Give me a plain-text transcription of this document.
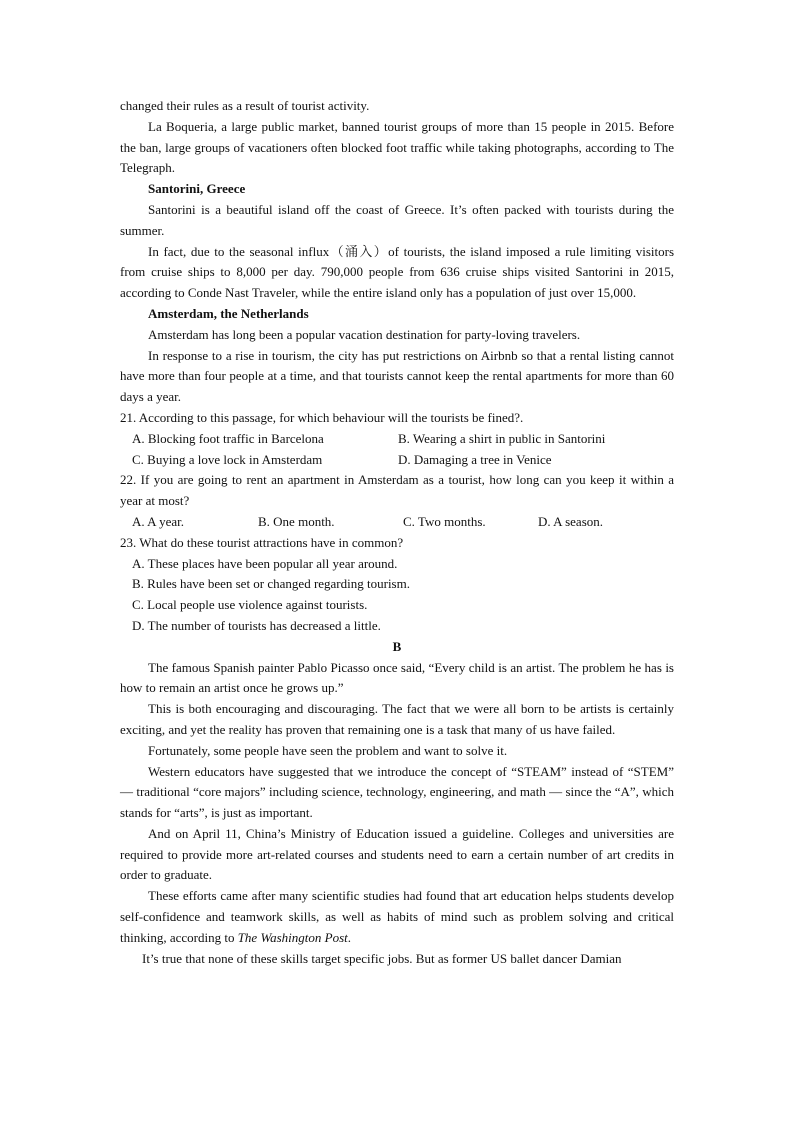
changed their rules as a result of tourist activity.

La Boqueria, a large public market, banned tourist groups of more than 15 people in 2015. Before the ban, large groups of vacationers often blocked foot traffic while taking photographs, according to The Telegraph.

Santorini, Greece

Santorini is a beautiful island off the coast of Greece. It’s often packed with tourists during the summer.

In fact, due to the seasonal influx（涌入）of tourists, the island imposed a rule limiting visitors from cruise ships to 8,000 per day. 790,000 people from 636 cruise ships visited Santorini in 2015, according to Conde Nast Traveler, while the entire island only has a population of just over 15,000.

Amsterdam, the Netherlands

Amsterdam has long been a popular vacation destination for party-loving travelers.

In response to a rise in tourism, the city has put restrictions on Airbnb so that a rental listing cannot have more than four people at a time, and that tourists cannot keep the rental apartments for more than 60 days a year.

21. According to this passage, for which behaviour will the tourists be fined?.

A. Blocking foot traffic in Barcelona	B. Wearing a shirt in public in Santorini
C. Buying a love lock in Amsterdam	D. Damaging a tree in Venice

22. If you are going to rent an apartment in Amsterdam as a tourist, how long can you keep it within a year at most?

A. A year.	B. One month.	C. Two months.	D. A season.

23. What do these tourist attractions have in common?

A. These places have been popular all year around.

B. Rules have been set or changed regarding tourism.

C. Local people use violence against tourists.

D. The number of tourists has decreased a little.

B

The famous Spanish painter Pablo Picasso once said, “Every child is an artist. The problem he has is how to remain an artist once he grows up.”

This is both encouraging and discouraging. The fact that we were all born to be artists is certainly exciting, and yet the reality has proven that remaining one is a task that many of us have failed.

Fortunately, some people have seen the problem and want to solve it.

Western educators have suggested that we introduce the concept of “STEAM” instead of “STEM” — traditional “core majors” including science, technology, engineering, and math — since the “A”, which stands for “arts”, is just as important.

And on April 11, China’s Ministry of Education issued a guideline. Colleges and universities are required to provide more art-related courses and students need to earn a certain number of art credits in order to graduate.

These efforts came after many scientific studies had found that art education helps students develop self-confidence and teamwork skills, as well as habits of mind such as problem solving and critical thinking, according to The Washington Post.

It’s true that none of these skills target specific jobs. But as former US ballet dancer Damian
